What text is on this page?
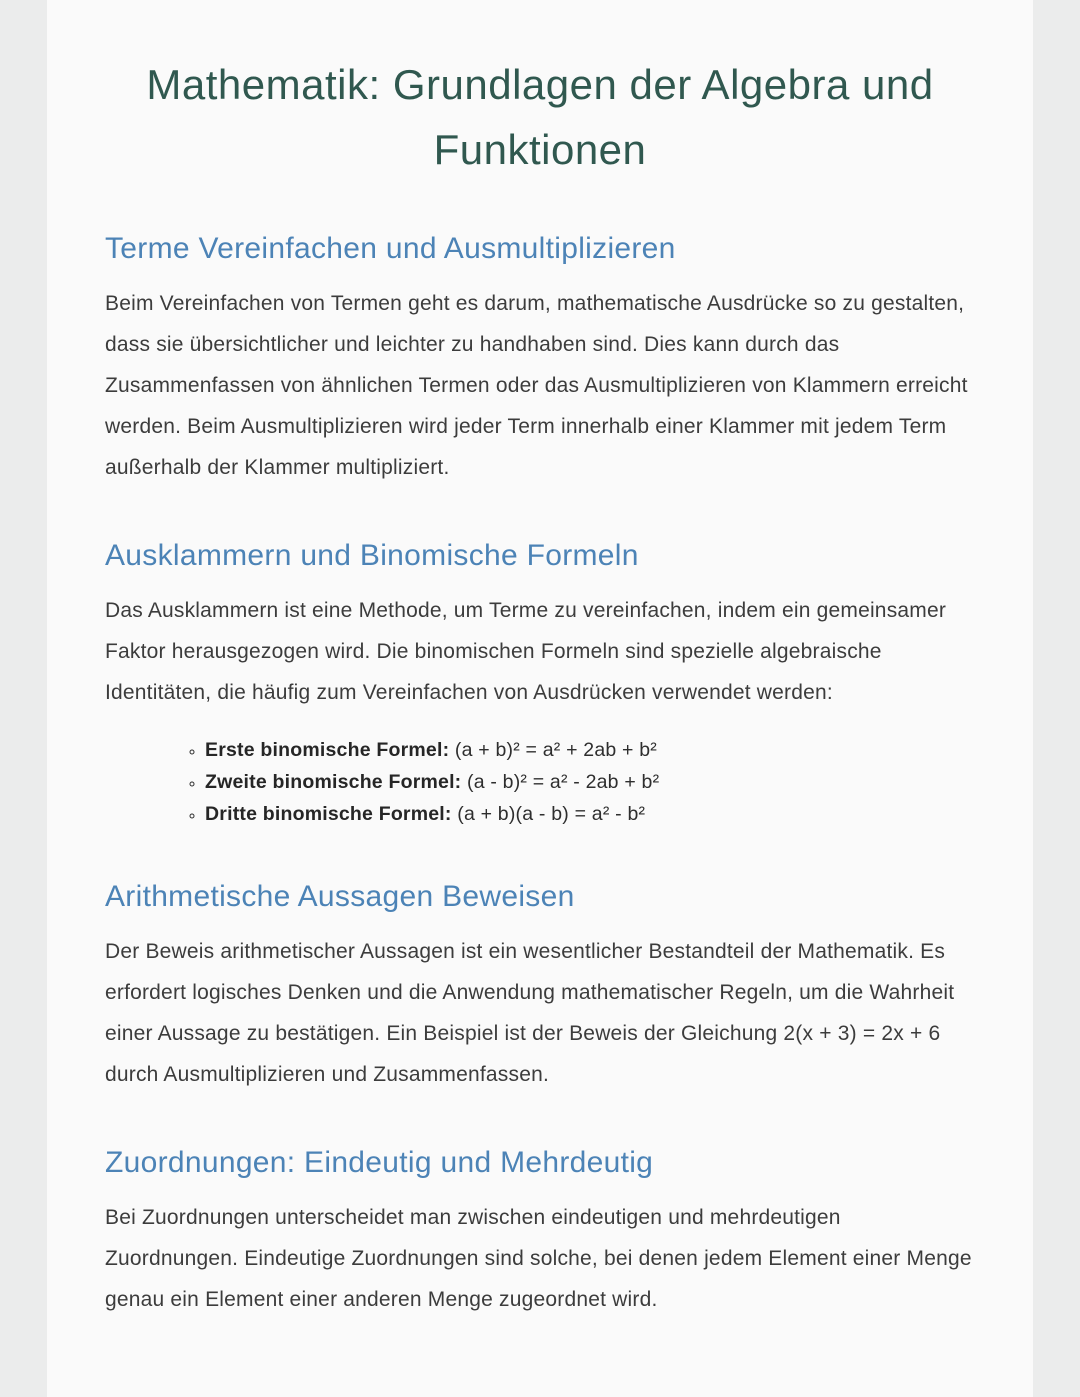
Mathematik: Grundlagen der Algebra und Funktionen
Terme Vereinfachen und Ausmultiplizieren

Beim Vereinfachen von Termen geht es darum, mathematische Ausdrücke so zu gestalten, dass sie übersichtlicher und leichter zu handhaben sind. Dies kann durch das Zusammenfassen von ähnlichen Termen oder das Ausmultiplizieren von Klammern erreicht werden. Beim Ausmultiplizieren wird jeder Term innerhalb einer Klammer mit jedem Term außerhalb der Klammer multipliziert.

Ausklammern und Binomische Formeln

Das Ausklammern ist eine Methode, um Terme zu vereinfachen, indem ein gemeinsamer Faktor herausgezogen wird. Die binomischen Formeln sind spezielle algebraische Identitäten, die häufig zum Vereinfachen von Ausdrücken verwendet werden:

◦ Erste binomische Formel: (a + b)² = a² + 2ab + b²
◦ Zweite binomische Formel: (a - b)² = a² - 2ab + b²
◦ Dritte binomische Formel: (a + b)(a - b) = a² - b²
Arithmetische Aussagen Beweisen

Der Beweis arithmetischer Aussagen ist ein wesentlicher Bestandteil der Mathematik. Es erfordert logisches Denken und die Anwendung mathematischer Regeln, um die Wahrheit einer Aussage zu bestätigen. Ein Beispiel ist der Beweis der Gleichung 2(x + 3) = 2x + 6 durch Ausmultiplizieren und Zusammenfassen.

Zuordnungen: Eindeutig und Mehrdeutig

Bei Zuordnungen unterscheidet man zwischen eindeutigen und mehrdeutigen Zuordnungen. Eindeutige Zuordnungen sind solche, bei denen jedem Element einer Menge genau ein Element einer anderen Menge zugeordnet wird.
